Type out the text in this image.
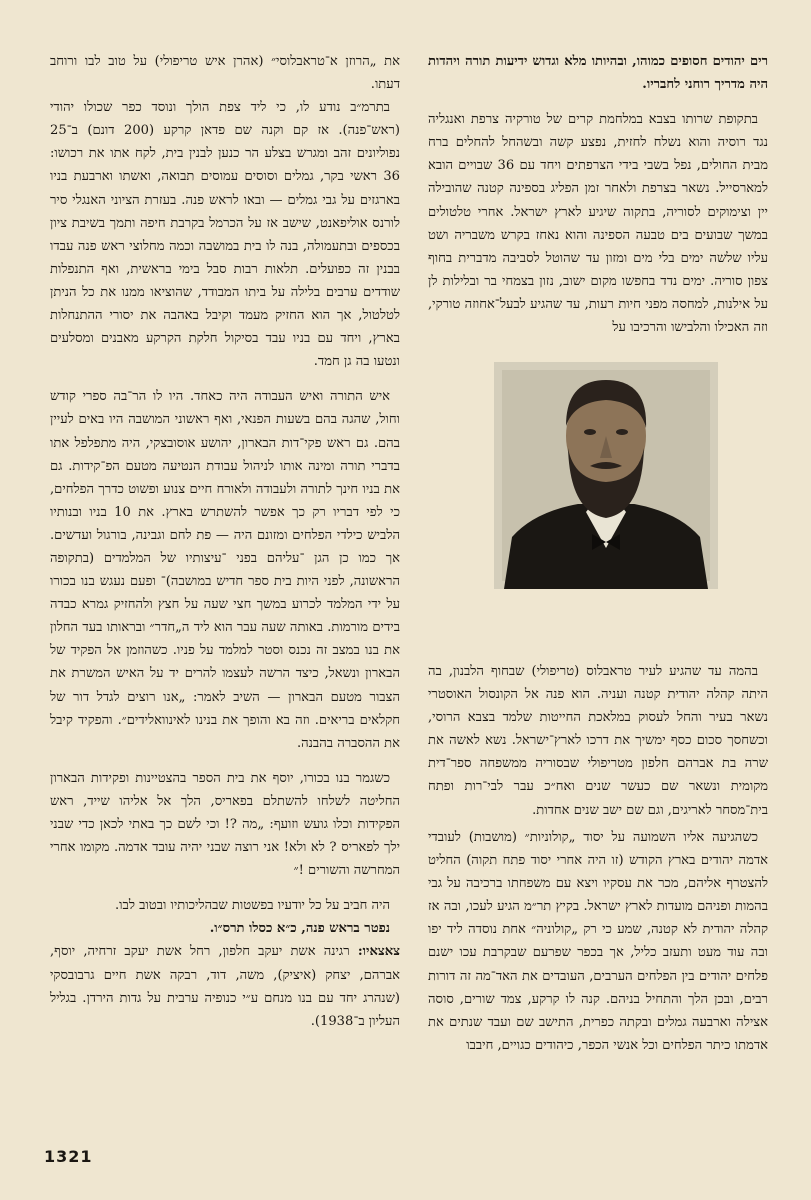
רים יהודים חסופים כמוהו, ובהיותו מלא וגדוש ידיעות תורה ויהדות היה מדריך רוחני לחבריו.

בתקופת שרותו בצבא במלחמת קרים של טורקיה צרפת ואנגליה נגד רוסיה והוא נשלח לחזית, נפצע קשה ובשהחל להחלים ברח מבית החולים, נפל בשבי בידי הצרפתים ויחד עם 36 שבויים הובא למארסייל. נשאר בצרפת ולאחר זמן הפליג בספינה קטנה שהובילה יין וצימוקים לסוריה, בתקוה שיגיע לארץ ישראל. אחרי טלטולים במשך שבועים בים טבעה הספינה והוא נאחז בקרש משבריה ושט עליו שלשה ימים בלי מים ומזון עד שהוטל לסביבה מדברית בחוף צפון סוריה. ימים נדד בחפשו מקום ישוב, נזון בצמחי בר ובלילות לן על אילנות, למחסה מפני חיות רעות, עד שהגיע לבעל־אחוזה טורקי, וזה האכילו והלבישו והרכיבו על

בהמה עד שהגיע לעיר טראבלוס (טריפולי) שבחוף הלבנון, בה היתה קהלה יהודית קטנה ועניה. הוא פנה אל הקונסול האוסטרי נשאר בעיר והחל לעסוק במלאכת החייטות שלמד בצבא הרוסי, וכשחסך סכום כסף ימשיך את דרכו לארץ־ישראל. נשא לאשה את שרה בת אברהם חלפון מטריפולי שבסוריה ממשפחה ספר־דית מקומית ונשאר שם כעשר שנים ואח״כ עבר לבי־רות ופתח בית־מסחר לאריגים, וגם שם ישב שנים אחדות.

כשהגיעה אליו השמועה על יסוד „קולוניות״ (מושבות) לעובדי אדמה יהודים בארץ הקודש (זו היה אחרי יסוד פתח תקוה) החליט להצטרף אליהם, מכר את עסקיו ויצא עם משפחתו ברכיבה על גבי בהמות ופניהם מועדות לארץ ישראל. בקיץ תר״מ הגיע לעכו, ובה אז קהלה יהודית לא קטנה, שמע כי רק „קולוניה״ אחת נוסדה ליד יפו ובה עוד מעט ותעזב כליל, אך בכפר שפרעם שבקרבת עכו ישנם פלחים יהודים בין הפלחים הערבים, העובדים את האד־מה זה דורות רבים, ובכן הלך והתחיל בניהם. קנה לו קרקע, צמד שורים, סוסה אצילה וארבעה גמלים ובקתה כפרית, התישב שם ועבד שנתים את אדמתו כיתר הפלחים וכל אנשי הכפר, כיהודים כגויים, חיבבו

את „הרוזן א־טראבלוסי״ (אהרן איש טריפולי) על טוב לבו ורוחב דעתו.

בתרמ״ב נודע לו, כי ליד צפת הולך ונוסד כפר שכולו יהודי (ראש־פנה). אז קם וקנה שם פדאן קרקע (200 דונם) ב־25 נפוליונים זהב ומגרש בצלע הר כנען לבנין בית, לקח אתו את רכושו: 36 ראשי בקר, גמלים וסוסים עמוסים תבואה, ואשתו וארבעת בניו בארגזים על גבי גמלים — ובאו לראש פנה. בעזרת הציוני האנגלי סיר לורנס אוליפאנט, שישב אז על הכרמל בקרבת חיפה ותמך בשיבת ציון בכספים ובתעמולה, בנה לו בית במושבה וכמה מחלוצי ראש פנה עבדו בבנין זה כפועלים. תלאות רבות סבל בימי בראשית, ואף התנפלות שודדים ערבים בלילה על ביתו המבודד, שהוציאו ממנו את כל הניתן לטלטול, אך הוא החזיק מעמד וקיבל באהבה את יסורי ההתנחלות בארץ, ויחד עם בניו עבד בסיקול חלקת הקרקע מאבנים ומסלעים ונטעו בה גן חמד.

איש התורה ואיש העבודה היה כאחד. היו לו הר־בה ספרי קודש וחול, שהגה בהם בשעות הפנאי, ואף ראשוני המושבה היו באים לעיין בהם. גם ראש פקי־דות הבארון, יהושע אוסובצקי, היה מתפלפל אתו בדברי תורה ומינה אותו לניהול עבודת הנטיעה מטעם הפ־קידות. גם את בניו חינך לתורה ולעבודה ולאורח חיים צנוע ופשוט כדרך הפלחים, כי לפי דבריו רק כך אפשר להשתרש בארץ. את 10 בניו ובנותיו הלביש כילדי הפלחים ומזונם היה — פת לחם וגבינה, בורגול ועדשים. אך כמו כן הגן ־עליהם בפני ־עיצותיו של המלמדים (בתקופה הראשונה, לפני היות בית ספר חדיש במושבה)־ ופעם נעגש בנו בכורו על ידי המלמד לכרוע במשך חצי שעה על חצץ ולהחזיק גמרא כבדה בידים מורמות. באותה שעה עבר הוא ליד ה„חדר״ ובראותו בעד החלון את בנו במצב זה נכנס וסטר למלמד על פניו. כשהוזמן אל הפקיד של הבארון ונשאל, כיצד הרשה לעצמו להרים יד על האיש המשרת את הצבור מטעם הבארון — השיב לאמר: „אנו רוצים לגדל דור של חקלאים בריאים. וזה בא והופך את בנינו לאינוואלידים״. והפקיד קיבל את ההסברה בהבנה.

כשגמר בנו בכורו, יוסף את בית הספר בהצטיינות ופקידות הבארון החליטה לשלחו להשתלם בפאריס, הלך אל אליהו שייד, ראש הפקידות וכלו גועש וזועף: „מה ?! וכי לשם כך באתי לכאן כדי שבני ילך לפאריס ? לא ולא! אני רוצה שבני יהיה עובד אדמה. מקומו אחרי המחרשה והשורים !״

היה חביב על כל יודעיו בפשטות שבהליכותיו ובטוב לבו.

נפטר בראש פנה, כ״א כסלו תרס״ו.

צאצאיו: רגינה אשת יעקב חלפון, רחל אשת יעקב זרחיה, יוסף, אברהם, יצחק (איציק), משה, דוד, רבקה אשת חיים גרבובסקי (שנהרג יחד עם בנו מנחם ע״י כנופיה ערבית על גדות הירדן. בגליל העליון ב־1938).

1321
